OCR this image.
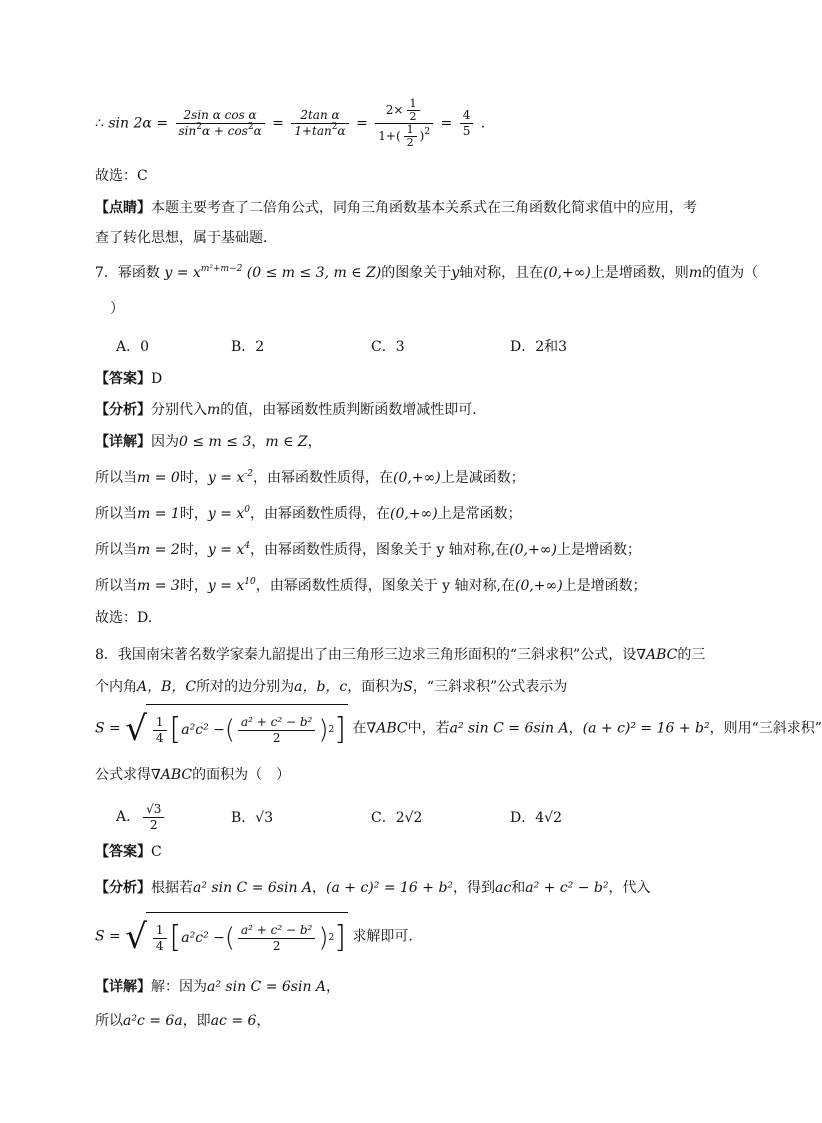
∴ $\sin 2\alpha = \frac{\text{2sin α cos α}}{\sin^2\alpha + \cos^2\alpha} = \frac{\text{2tan α}}{1+\tan^2\alpha} = \frac{2\times \frac{1}{2}}{1+( \frac{1}{2} )^2} = \frac{4}{5}$ .
故选：C
【点睛】本题主要考查了二倍角公式，同角三角函数基本关系式在三角函数化简求值中的应用，考
查了转化思想，属于基础题．
7．幂函数 $y = x^{m^2+m-2}$ (0 ≤ m ≤ 3, m ∈ Z)的图象关于y轴对称，且在(0,+∞)上是增函数，则m的值为（
）
A．0	B．2	C．3	D．2和3
【答案】D
【分析】分别代入m的值，由幂函数性质判断函数增减性即可.
【详解】因为0 ≤ m ≤ 3，m ∈ Z，
所以当m = 0时，$y = x^{-2}$，由幂函数性质得，在(0,+∞)上是减函数；
所以当m = 1时，$y = x^0$，由幂函数性质得，在(0,+∞)上是常函数；
所以当m = 2时，$y = x^4$，由幂函数性质得，图象关于 y 轴对称,在(0,+∞)上是增函数；
所以当m = 3时，$y = x^{10}$，由幂函数性质得，图象关于 y 轴对称,在(0,+∞)上是增函数；
故选：D.
8．我国南宋著名数学家秦九韶提出了由三角形三边求三角形面积的“三斜求积”公式，设∇ABC的三
个内角A，B，C所对的边分别为a，b，c，面积为S，“三斜求积”公式表示为
S = √ $\frac{1}{4}$ [ a²c² − ( $\frac{\text{a² + c² − b²}}{2}$ ) 2 ] 在∇ABC中，若a² sin C = 6sin A，(a + c)² = 16 + b²，则用“三斜求积”
公式求得∇ABC的面积为（　）
A． $\frac{√3}{2}$	B．√3	C．2√2	D．4√2
【答案】C
【分析】根据若a² sin C = 6sin A，(a + c)² = 16 + b²，得到ac和a² + c² − b²，代入
S = √ $\frac{1}{4}$ [ a²c² − ( $\frac{\text{a² + c² − b²}}{2}$ ) 2 ] 求解即可.
【详解】解：因为a² sin C = 6sin A，
所以a²c = 6a，即ac = 6，
